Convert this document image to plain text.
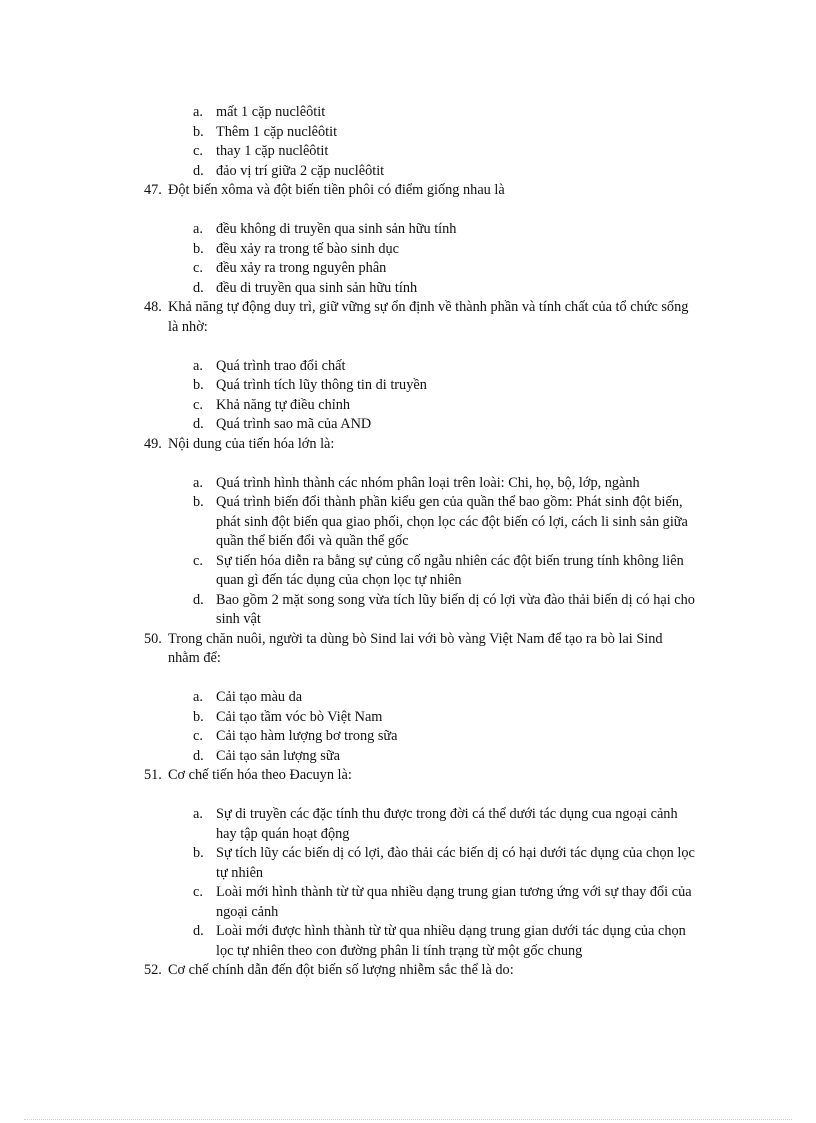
a. mất 1 cặp nuclêôtit
b. Thêm 1 cặp nuclêôtit
c. thay 1 cặp nuclêôtit
d. đảo vị trí giữa 2 cặp nuclêôtit
47. Đột biến xôma và đột biến tiền phôi có điểm giống nhau là
a. đều không di truyền qua sinh sản hữu tính
b. đều xảy ra trong tế bào sinh dục
c. đều xảy ra trong nguyên phân
d. đều di truyền qua sinh sản hữu tính
48. Khả năng tự động duy trì, giữ vững sự ổn định về thành phần và tính chất của tổ chức sống là nhờ:
a. Quá trình trao đổi chất
b. Quá trình tích lũy thông tin di truyền
c. Khả năng tự điều chỉnh
d. Quá trình sao mã của AND
49. Nội dung của tiến hóa lớn là:
a. Quá trình hình thành các nhóm phân loại trên loài: Chi, họ, bộ, lớp, ngành
b. Quá trình biến đổi thành phần kiểu gen của quần thể bao gồm: Phát sinh đột biến, phát sinh đột biến qua giao phối, chọn lọc các đột biến có lợi, cách li sinh sản giữa quần thể biến đổi và quần thể gốc
c. Sự tiến hóa diễn ra bằng sự củng cố ngẫu nhiên các đột biến trung tính không liên quan gì đến tác dụng của chọn lọc tự nhiên
d. Bao gồm 2 mặt song song vừa tích lũy biến dị có lợi vừa đào thải biến dị có hại cho sinh vật
50. Trong chăn nuôi, người ta dùng bò Sind lai với bò vàng Việt Nam để tạo ra bò lai Sind nhằm để:
a. Cải tạo màu da
b. Cải tạo tầm vóc bò Việt Nam
c. Cải tạo hàm lượng bơ trong sữa
d. Cải tạo sản lượng sữa
51. Cơ chế tiến hóa theo Đacuyn là:
a. Sự di truyền các đặc tính thu được trong đời cá thể dưới tác dụng cua ngoại cảnh hay tập quán hoạt động
b. Sự tích lũy các biến dị có lợi, đào thải các biến dị có hại dưới tác dụng của chọn lọc tự nhiên
c. Loài mới hình thành từ từ qua nhiều dạng trung gian tương ứng với sự thay đổi của ngoại cảnh
d. Loài mới được hình thành từ từ qua nhiều dạng trung gian dưới tác dụng của chọn lọc tự nhiên theo con đường phân li tính trạng từ một gốc chung
52. Cơ chế chính dẫn đến đột biến số lượng nhiễm sắc thể là do:
